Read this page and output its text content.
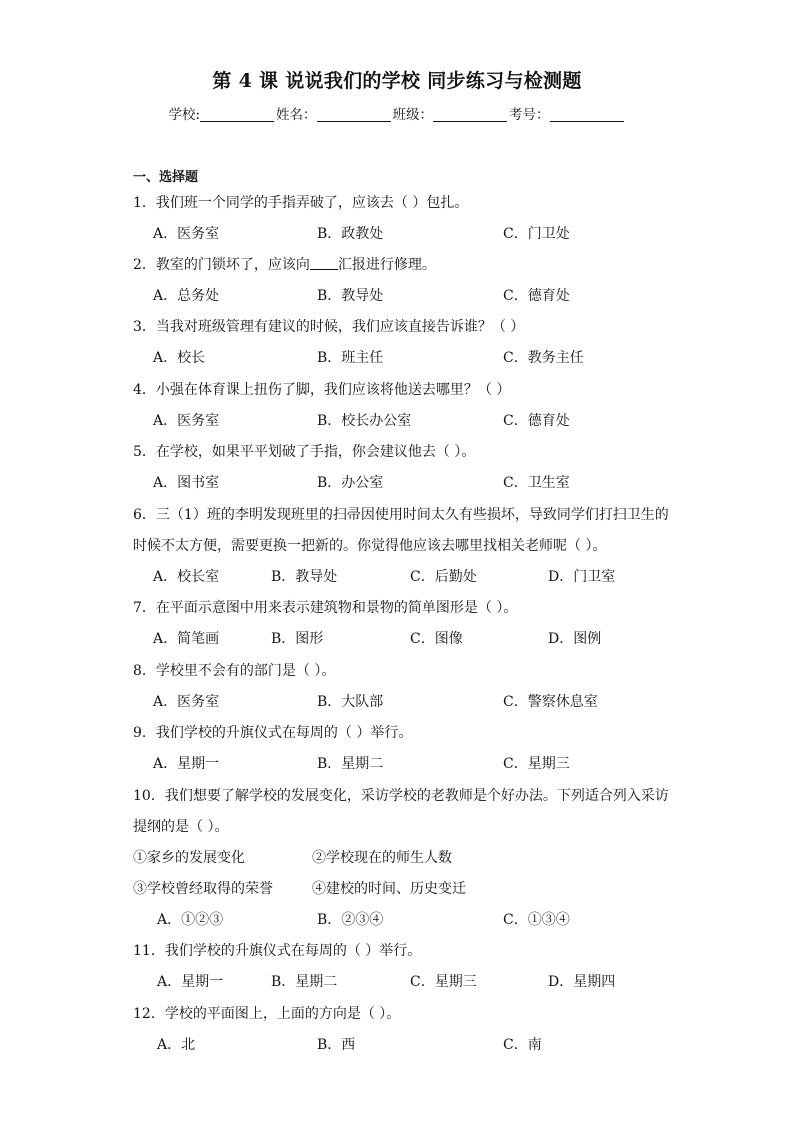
第 4 课 说说我们的学校 同步练习与检测题
学校:	姓名：	班级：	考号：
一、选择题
1．我们班一个同学的手指弄破了，应该去（ ）包扎。
A．医务室	B．政教处	C．门卫处
2．教室的门锁坏了，应该向 汇报进行修理。
A．总务处	B．教导处	C．德育处
3．当我对班级管理有建议的时候，我们应该直接告诉谁？（ ）
A．校长	B．班主任	C．教务主任
4．小强在体育课上扭伤了脚，我们应该将他送去哪里？（ ）
A．医务室	B．校长办公室	C．德育处
5．在学校，如果平平划破了手指，你会建议他去（ ）。
A．图书室	B．办公室	C．卫生室
6．三（1）班的李明发现班里的扫帚因使用时间太久有些损坏，导致同学们打扫卫生的
时候不太方便，需要更换一把新的。你觉得他应该去哪里找相关老师呢（ ）。
A．校长室	B．教导处	C．后勤处	D．门卫室
7．在平面示意图中用来表示建筑物和景物的简单图形是（ ）。
A．简笔画	B．图形	C．图像	D．图例
8．学校里不会有的部门是（ ）。
A．医务室	B．大队部	C．警察休息室
9．我们学校的升旗仪式在每周的（ ）举行。
A．星期一	B．星期二	C．星期三
10．我们想要了解学校的发展变化，采访学校的老教师是个好办法。下列适合列入采访
提纲的是（ ）。
①家乡的发展变化	②学校现在的师生人数
③学校曾经取得的荣誉	④建校的时间、历史变迁
A．①②③	B．②③④	C．①③④
11．我们学校的升旗仪式在每周的（ ）举行。
A．星期一	B．星期二	C．星期三	D．星期四
12．学校的平面图上，上面的方向是（ ）。
A．北	B．西	C．南
